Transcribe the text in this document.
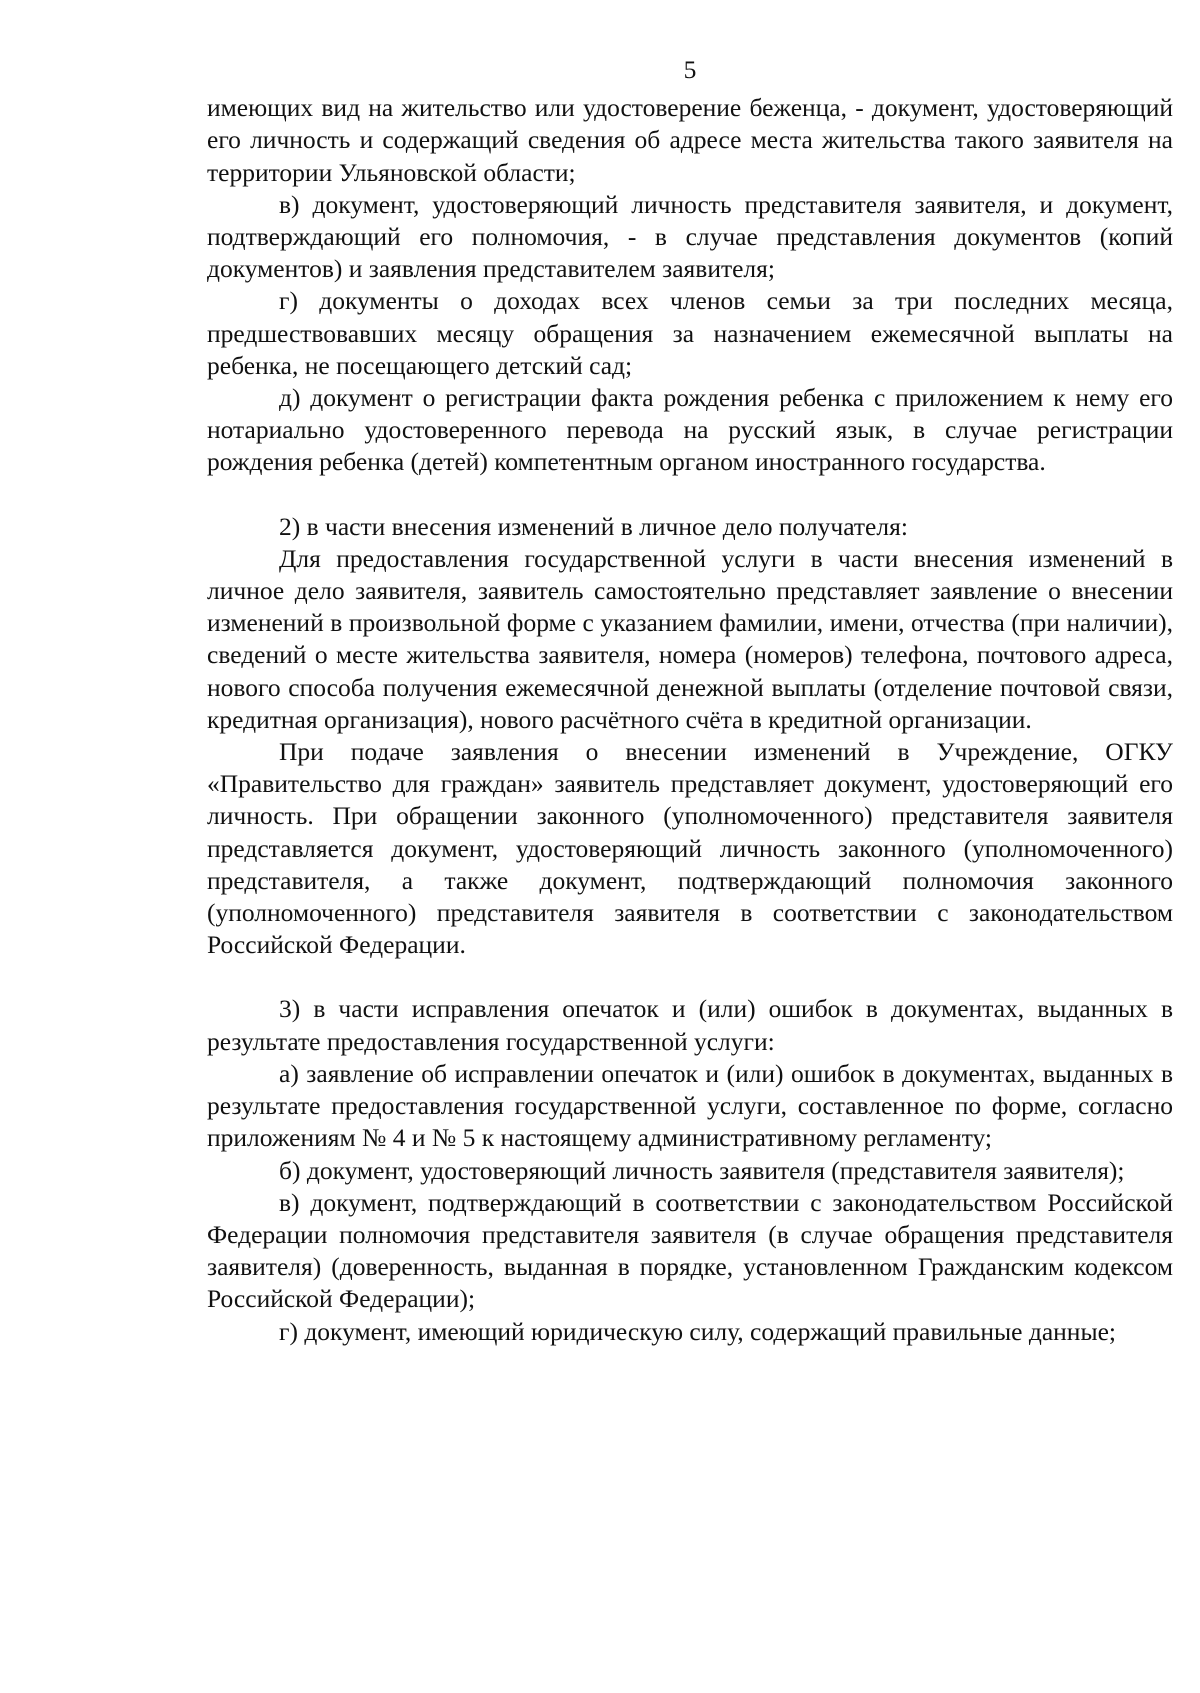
5

имеющих вид на жительство или удостоверение беженца, - документ, удостоверяющий его личность и содержащий сведения об адресе места жительства такого заявителя на территории Ульяновской области;

в) документ, удостоверяющий личность представителя заявителя, и документ, подтверждающий его полномочия, - в случае представления документов (копий документов) и заявления представителем заявителя;

г) документы о доходах всех членов семьи за три последних месяца, предшествовавших месяцу обращения за назначением ежемесячной выплаты на ребенка, не посещающего детский сад;

д) документ о регистрации факта рождения ребенка с приложением к нему его нотариально удостоверенного перевода на русский язык, в случае регистрации рождения ребенка (детей) компетентным органом иностранного государства.

2) в части внесения изменений в личное дело получателя:

Для предоставления государственной услуги в части внесения изменений в личное дело заявителя, заявитель самостоятельно представляет заявление о внесении изменений в произвольной форме с указанием фамилии, имени, отчества (при наличии), сведений о месте жительства заявителя, номера (номеров) телефона, почтового адреса, нового способа получения ежемесячной денежной выплаты (отделение почтовой связи, кредитная организация), нового расчётного счёта в кредитной организации.

При подаче заявления о внесении изменений в Учреждение, ОГКУ «Правительство для граждан» заявитель представляет документ, удостоверяющий его личность. При обращении законного (уполномоченного) представителя заявителя представляется документ, удостоверяющий личность законного (уполномоченного) представителя, а также документ, подтверждающий полномочия законного (уполномоченного) представителя заявителя в соответствии с законодательством Российской Федерации.

3) в части исправления опечаток и (или) ошибок в документах, выданных в результате предоставления государственной услуги:

а) заявление об исправлении опечаток и (или) ошибок в документах, выданных в результате предоставления государственной услуги, составленное по форме, согласно приложениям № 4 и № 5 к настоящему административному регламенту;

б) документ, удостоверяющий личность заявителя (представителя заявителя);

в) документ, подтверждающий в соответствии с законодательством Российской Федерации полномочия представителя заявителя (в случае обращения представителя заявителя) (доверенность, выданная в порядке, установленном Гражданским кодексом Российской Федерации);

г) документ, имеющий юридическую силу, содержащий правильные данные;
